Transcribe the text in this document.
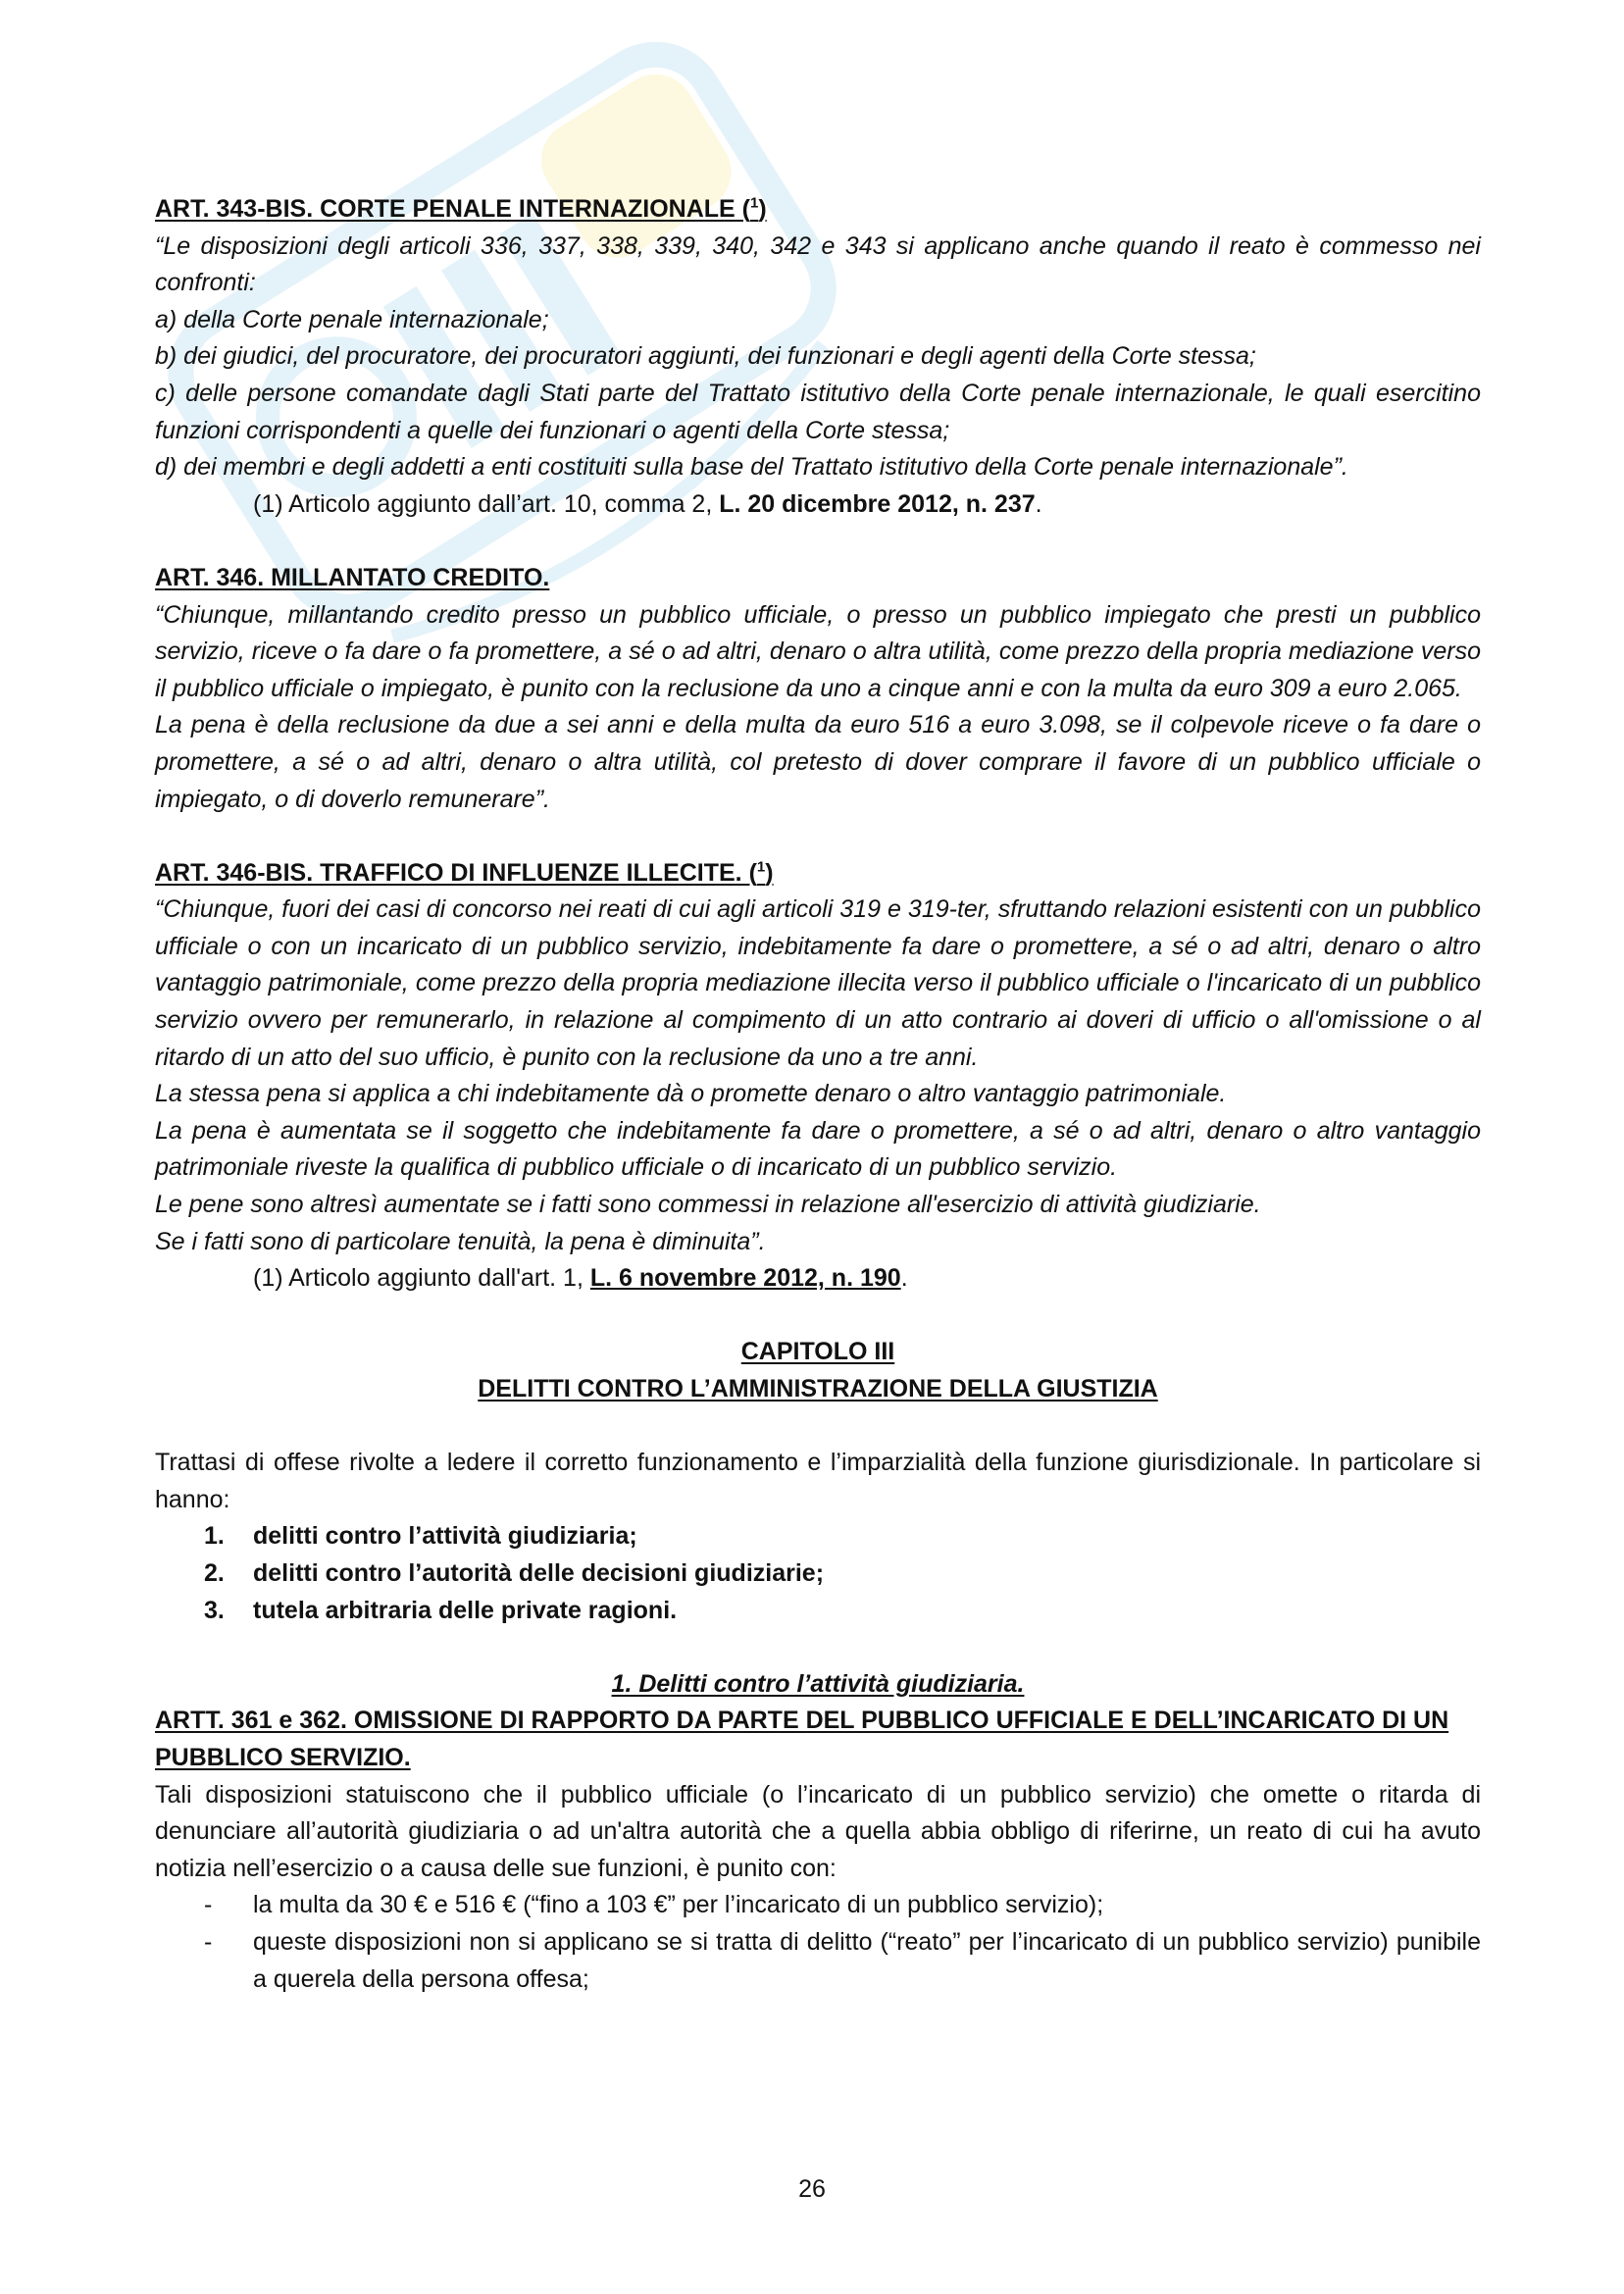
ART. 343-BIS. CORTE PENALE INTERNAZIONALE ($^1$)

“Le disposizioni degli articoli 336, 337, 338, 339, 340, 342 e 343 si applicano anche quando il reato è commesso nei confronti:

a) della Corte penale internazionale;

b) dei giudici, del procuratore, dei procuratori aggiunti, dei funzionari e degli agenti della Corte stessa;

c) delle persone comandate dagli Stati parte del Trattato istitutivo della Corte penale internazionale, le quali esercitino funzioni corrispondenti a quelle dei funzionari o agenti della Corte stessa;

d) dei membri e degli addetti a enti costituiti sulla base del Trattato istitutivo della Corte penale internazionale”.

(1) Articolo aggiunto dall’art. 10, comma 2, L. 20 dicembre 2012, n. 237.

ART. 346. MILLANTATO CREDITO.

“Chiunque, millantando credito presso un pubblico ufficiale, o presso un pubblico impiegato che presti un pubblico servizio, riceve o fa dare o fa promettere, a sé o ad altri, denaro o altra utilità, come prezzo della propria mediazione verso il pubblico ufficiale o impiegato, è punito con la reclusione da uno a cinque anni e con la multa da euro 309 a euro 2.065.

La pena è della reclusione da due a sei anni e della multa da euro 516 a euro 3.098, se il colpevole riceve o fa dare o promettere, a sé o ad altri, denaro o altra utilità, col pretesto di dover comprare il favore di un pubblico ufficiale o impiegato, o di doverlo remunerare”.

ART. 346-BIS. TRAFFICO DI INFLUENZE ILLECITE. ($^1$)

“Chiunque, fuori dei casi di concorso nei reati di cui agli articoli 319 e 319-ter, sfruttando relazioni esistenti con un pubblico ufficiale o con un incaricato di un pubblico servizio, indebitamente fa dare o promettere, a sé o ad altri, denaro o altro vantaggio patrimoniale, come prezzo della propria mediazione illecita verso il pubblico ufficiale o l'incaricato di un pubblico servizio ovvero per remunerarlo, in relazione al compimento di un atto contrario ai doveri di ufficio o all'omissione o al ritardo di un atto del suo ufficio, è punito con la reclusione da uno a tre anni.

La stessa pena si applica a chi indebitamente dà o promette denaro o altro vantaggio patrimoniale.

La pena è aumentata se il soggetto che indebitamente fa dare o promettere, a sé o ad altri, denaro o altro vantaggio patrimoniale riveste la qualifica di pubblico ufficiale o di incaricato di un pubblico servizio.

Le pene sono altresì aumentate se i fatti sono commessi in relazione all'esercizio di attività giudiziarie.

Se i fatti sono di particolare tenuità, la pena è diminuita”.

(1) Articolo aggiunto dall'art. 1, L. 6 novembre 2012, n. 190.

CAPITOLO III
DELITTI CONTRO L’AMMINISTRAZIONE DELLA GIUSTIZIA

Trattasi di offese rivolte a ledere il corretto funzionamento e l’imparzialità della funzione giurisdizionale. In particolare si hanno:

1. delitti contro l’attività giudiziaria;
2. delitti contro l’autorità delle decisioni giudiziarie;
3. tutela arbitraria delle private ragioni.
1. Delitti contro l’attività giudiziaria.
ARTT. 361 e 362. OMISSIONE DI RAPPORTO DA PARTE DEL PUBBLICO UFFICIALE E DELL’INCARICATO DI UN PUBBLICO SERVIZIO.

Tali disposizioni statuiscono che il pubblico ufficiale (o l’incaricato di un pubblico servizio) che omette o ritarda di denunciare all’autorità giudiziaria o ad un'altra autorità che a quella abbia obbligo di riferirne, un reato di cui ha avuto notizia nell’esercizio o a causa delle sue funzioni, è punito con:

- la multa da 30 € e 516 € (“fino a 103 €” per l’incaricato di un pubblico servizio);
- queste disposizioni non si applicano se si tratta di delitto (“reato” per l’incaricato di un pubblico servizio) punibile a querela della persona offesa;
26
